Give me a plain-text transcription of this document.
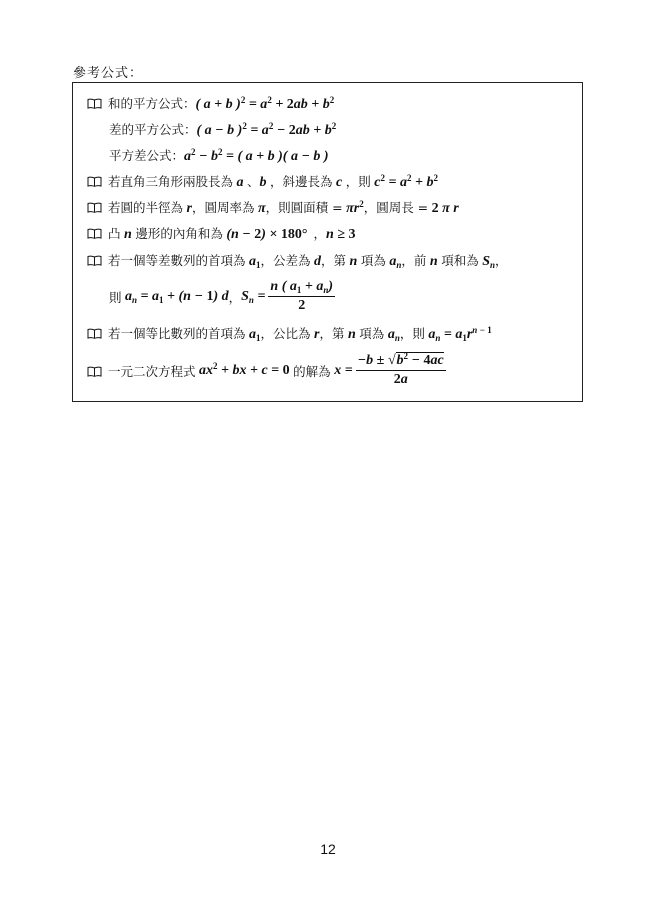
參考公式：
和的平方公式： ( a + b )$^2 = a^2 + 2ab + b^2$
差的平方公式： ( a − b )$^2 = a^2 - 2ab + b^2$
平方差公式： $a^2 - b^2$ = ( a + b )( a − b )
若直角三角形兩股長為 a 、 b ，斜邊長為 c ，則 $c^2 = a^2 + b^2$
若圓的半徑為 r ，圓周率為 π ，則圓面積 = $\pi r^2$ ，圓周長 = 2 π r
凸 n 邊形的內角和為 (n − 2) × 180° ， n ≥ 3
若一個等差數列的首項為 $a_1$ ，公差為 d ，第 n 項為 $a_n$ ，前 n 項和為 $S_n$ ，
則 $a_n = a_1 + (n - 1)$ d ， $S_n = \frac{n ( a_1 + a_n)}{2}$
若一個等比數列的首項為 $a_1$ ，公比為 r ，第 n 項為 $a_n$ ，則 $a_n = a_1r^{n - 1}$
一元二次方程式 $ax^2$ + bx + c = 0 的解為 $x = \frac{-b \pm √b^2 - 4ac}{2a}$
12
